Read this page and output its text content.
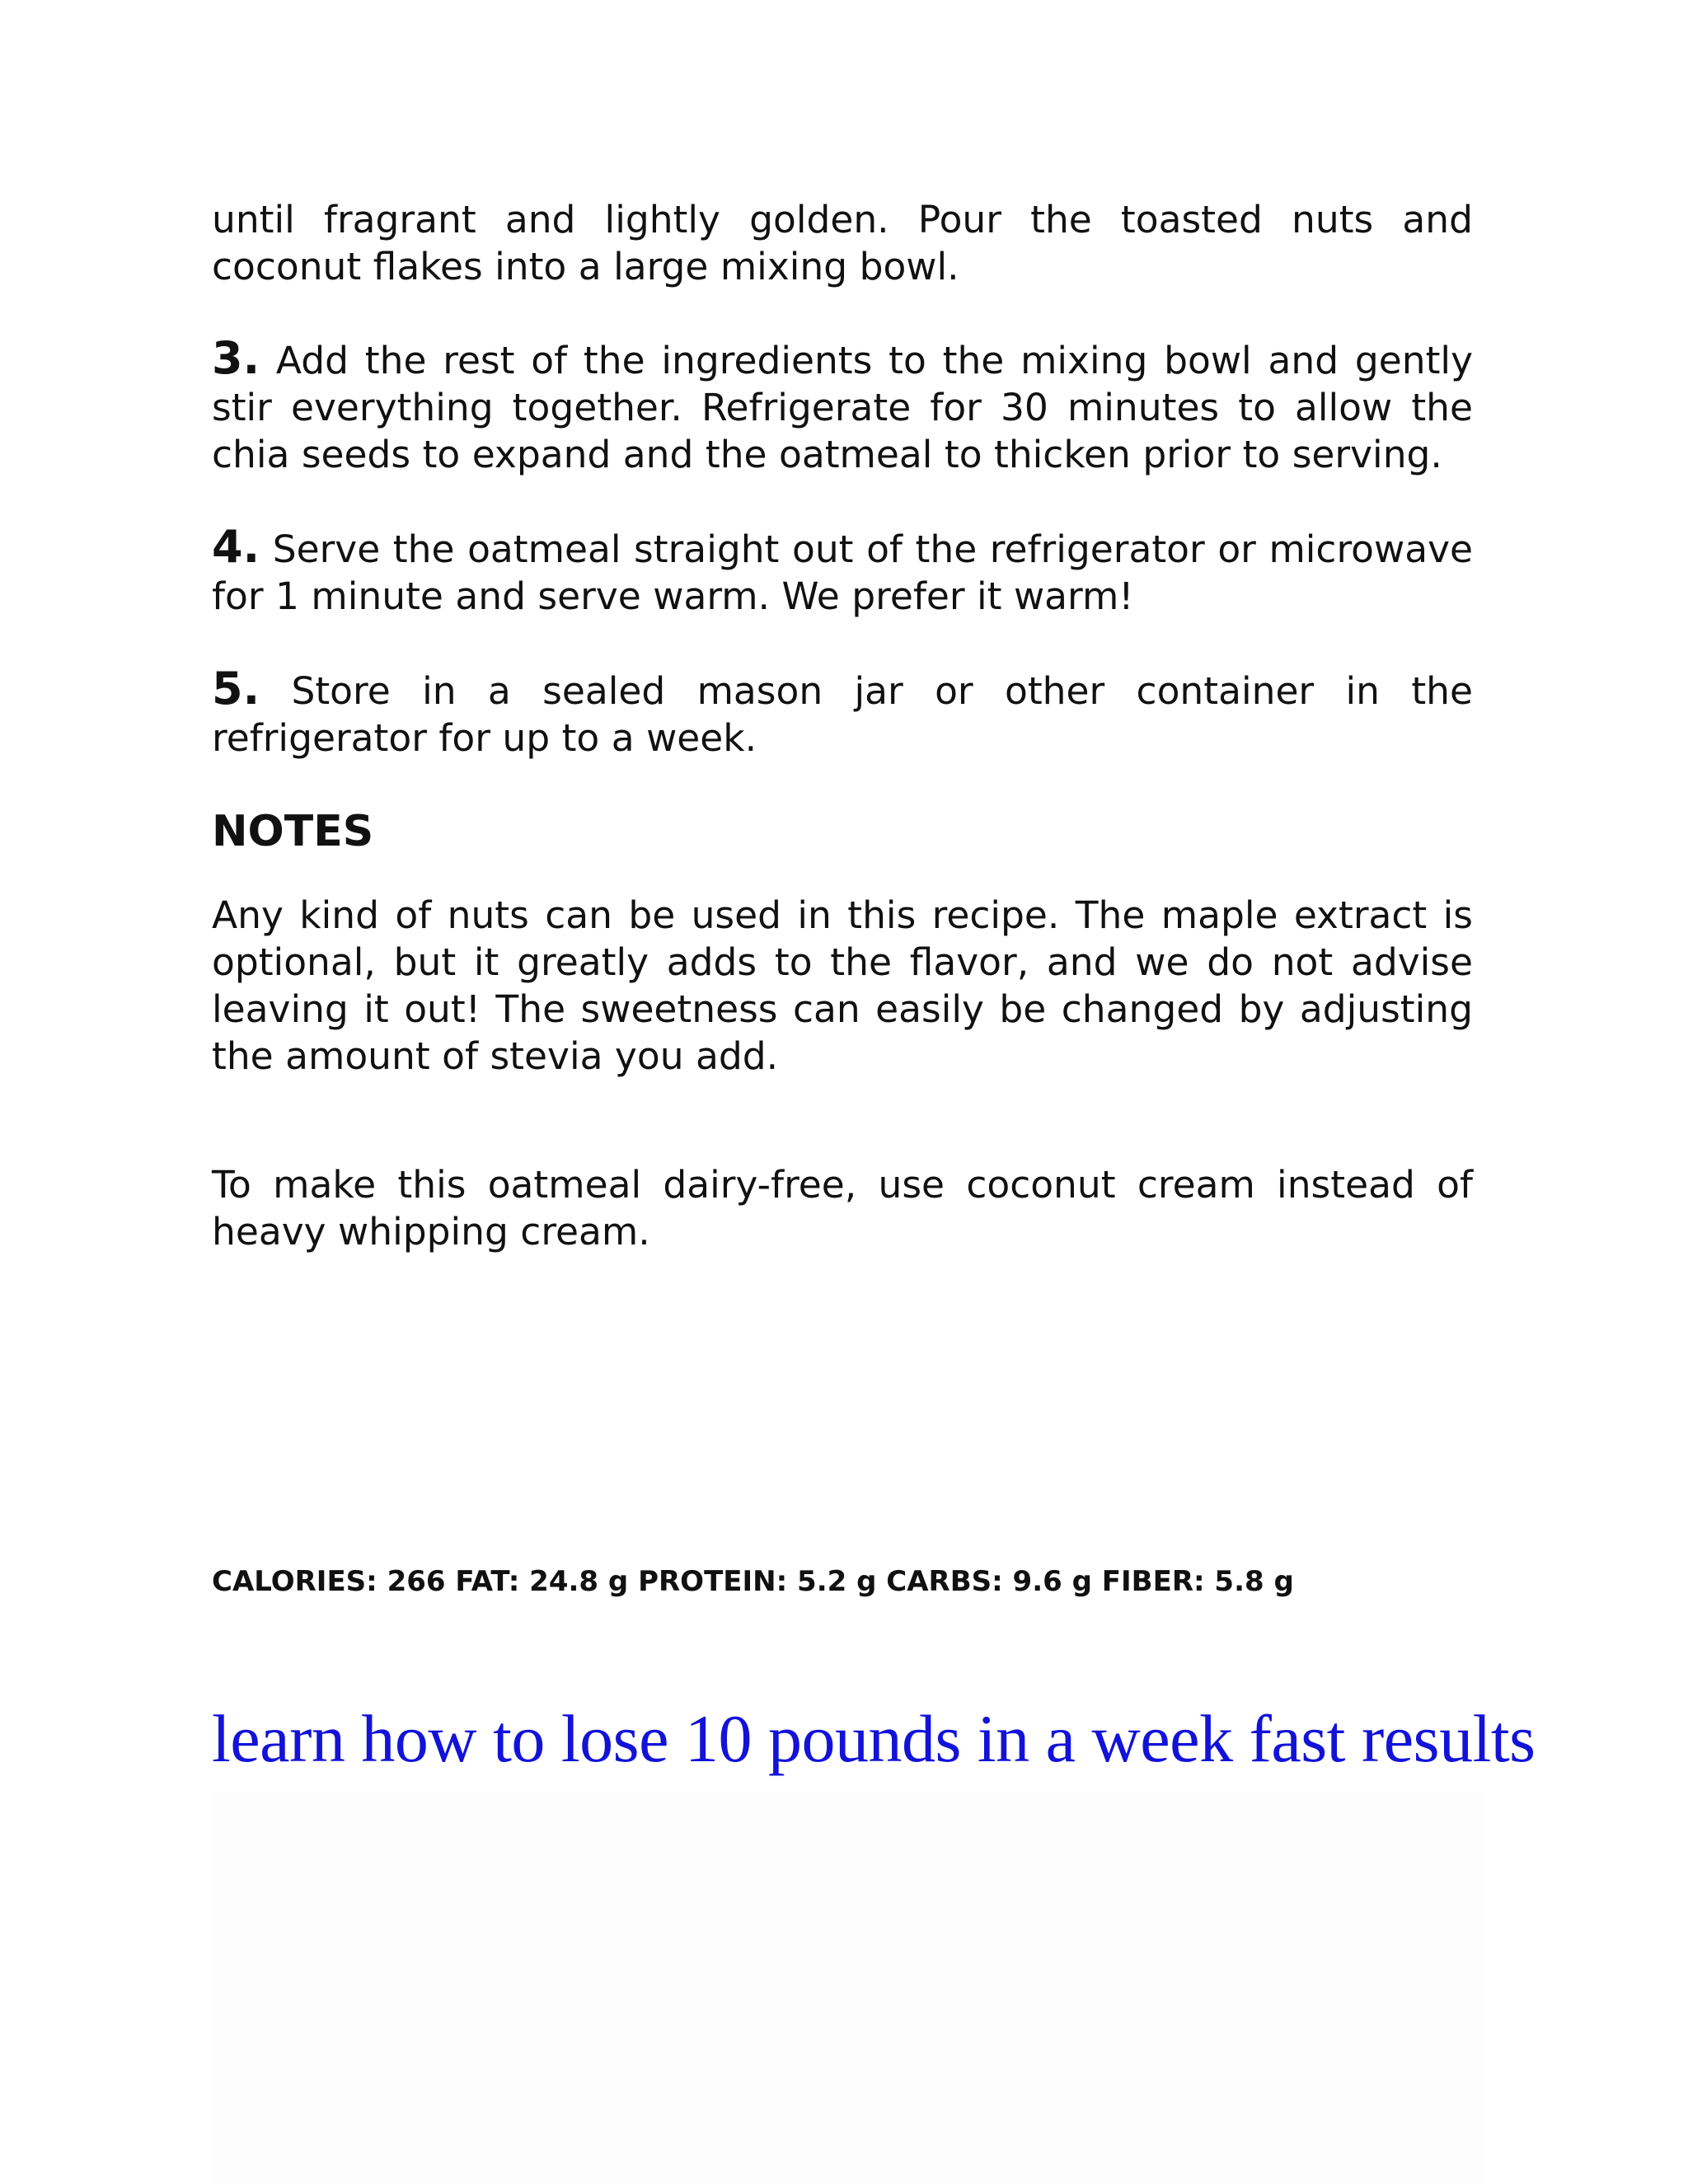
until fragrant and lightly golden. Pour the toasted nuts and coconut flakes into a large mixing bowl.

3. Add the rest of the ingredients to the mixing bowl and gently stir everything together. Refrigerate for 30 minutes to allow the chia seeds to expand and the oatmeal to thicken prior to serving.

4. Serve the oatmeal straight out of the refrigerator or microwave for 1 minute and serve warm. We prefer it warm!

5. Store in a sealed mason jar or other container in the refrigerator for up to a week.

NOTES

Any kind of nuts can be used in this recipe. The maple extract is optional, but it greatly adds to the flavor, and we do not advise leaving it out! The sweetness can easily be changed by adjusting the amount of stevia you add.

To make this oatmeal dairy-free, use coconut cream instead of heavy whipping cream.

CALORIES: 266 FAT: 24.8 g PROTEIN: 5.2 g CARBS: 9.6 g FIBER: 5.8 g

learn how to lose 10 pounds in a week fast results
